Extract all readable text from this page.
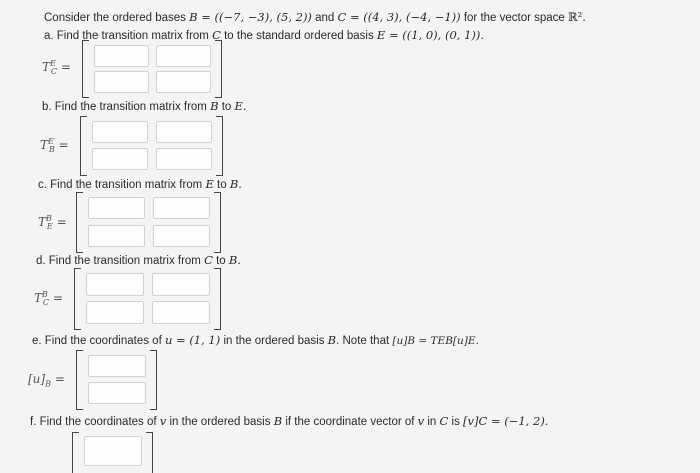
Consider the ordered bases B = ((−7, −3), (5, 2)) and C = ((4, 3), (−4, −1)) for the vector space ℝ².
a. Find the transition matrix from C to the standard ordered basis E = ((1, 0), (0, 1)).
$T^E_C$ =
b. Find the transition matrix from B to E.
$T^E_B$ =
c. Find the transition matrix from E to B.
$T^B_E$ =
d. Find the transition matrix from C to B.
$T^B_C$ =
e. Find the coordinates of u = (1, 1) in the ordered basis B. Note that [u]B = TEB[u]E.
$[u]_B$ =
f. Find the coordinates of v in the ordered basis B if the coordinate vector of v in C is [v]C = (−1, 2).
